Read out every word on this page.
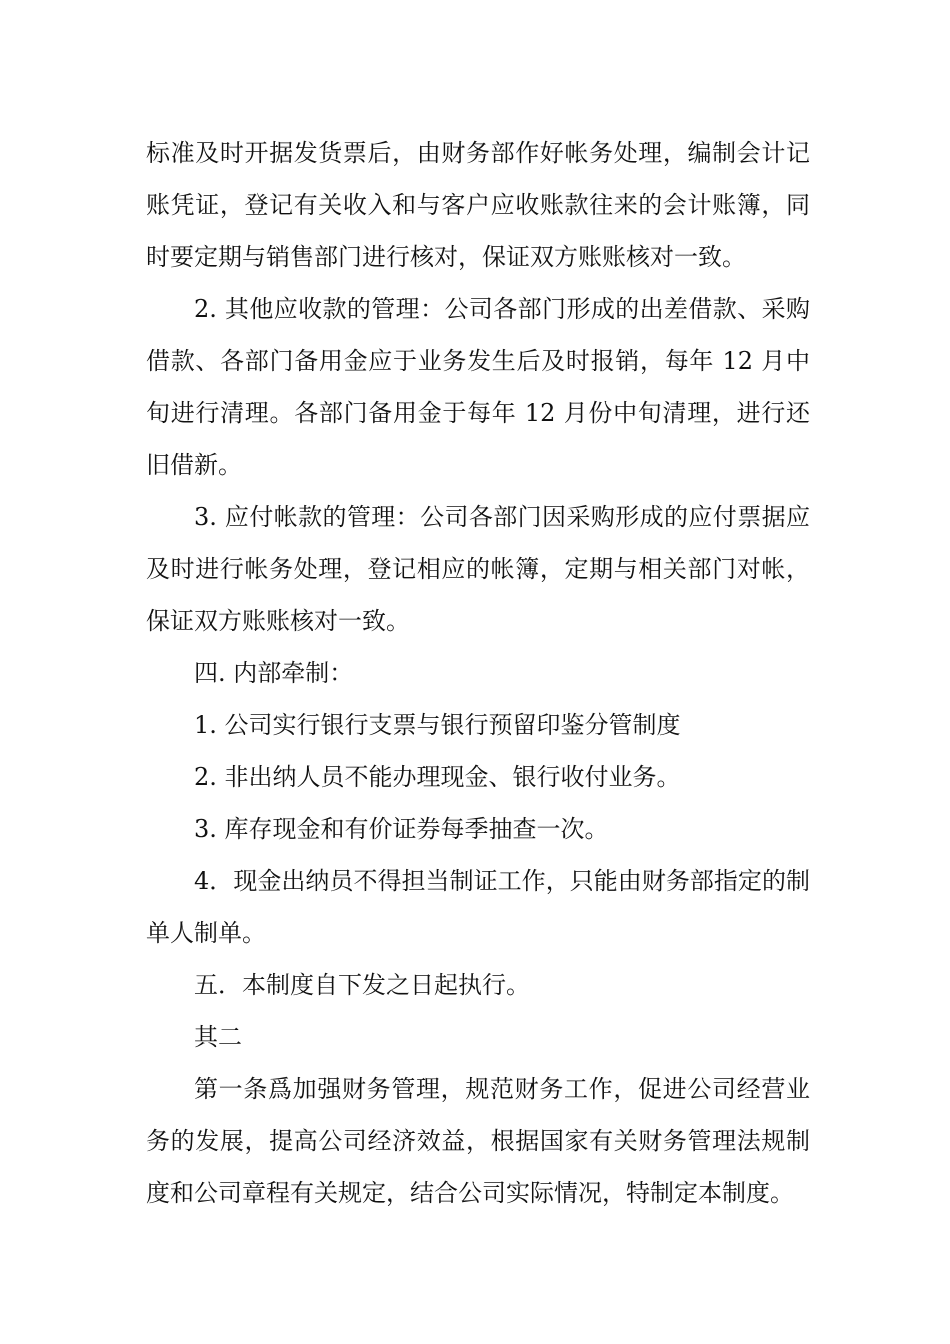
标准及时开据发货票后，由财务部作好帐务处理，编制会计记账凭证，登记有关收入和与客户应收账款往来的会计账簿，同时要定期与销售部门进行核对，保证双方账账核对一致。

2. 其他应收款的管理：公司各部门形成的出差借款、采购借款、各部门备用金应于业务发生后及时报销，每年 12 月中旬进行清理。各部门备用金于每年 12 月份中旬清理，进行还旧借新。

3. 应付帐款的管理：公司各部门因采购形成的应付票据应及时进行帐务处理，登记相应的帐簿，定期与相关部门对帐，保证双方账账核对一致。

四. 内部牵制：

1. 公司实行银行支票与银行预留印鉴分管制度

2. 非出纳人员不能办理现金、银行收付业务。

3. 库存现金和有价证券每季抽查一次。

4．现金出纳员不得担当制证工作，只能由财务部指定的制单人制单。

五．本制度自下发之日起执行。

其二

第一条爲加强财务管理，规范财务工作，促进公司经营业务的发展，提高公司经济效益，根据国家有关财务管理法规制度和公司章程有关规定，结合公司实际情况，特制定本制度。
